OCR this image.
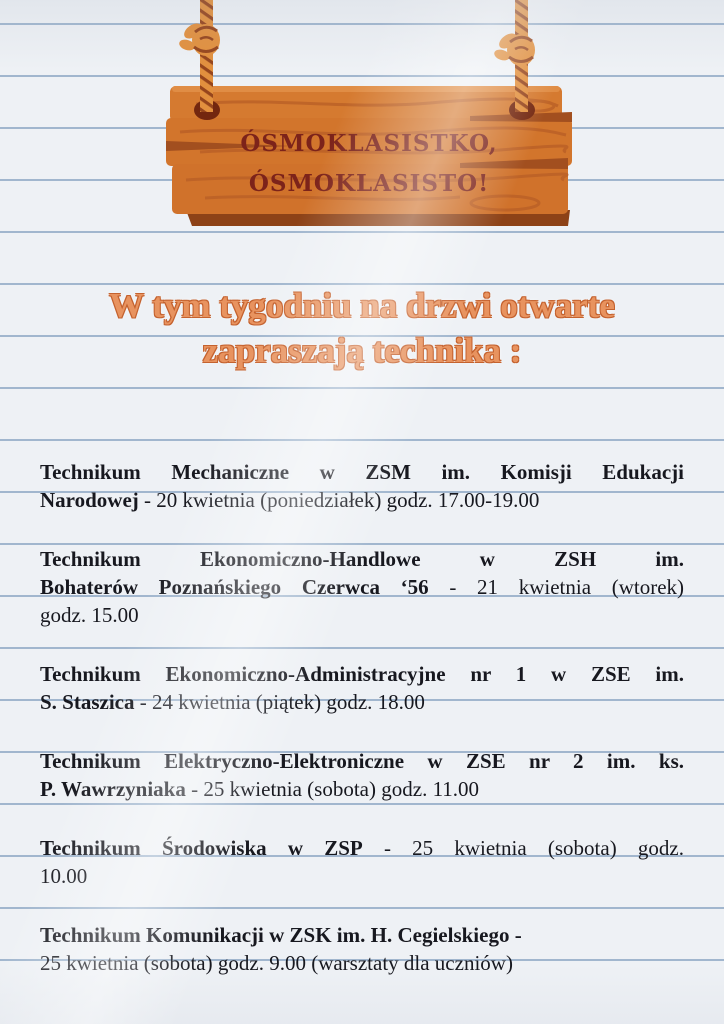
ÓSMOKLASISTKO,
ÓSMOKLASISTO!
W tym tygodniu na drzwi otwarte
zapraszają technika :
Technikum Mechaniczne w ZSM im. Komisji Edukacji
Narodowej - 20 kwietnia (poniedziałek) godz. 17.00-19.00
Technikum Ekonomiczno-Handlowe w ZSH im.
Bohaterów Poznańskiego Czerwca ‘56 - 21 kwietnia (wtorek)
godz. 15.00
Technikum Ekonomiczno-Administracyjne nr 1 w ZSE im.
S. Staszica - 24 kwietnia (piątek) godz. 18.00
Technikum Elektryczno-Elektroniczne w ZSE nr 2 im. ks.
P. Wawrzyniaka - 25 kwietnia (sobota) godz. 11.00
Technikum Środowiska w ZSP - 25 kwietnia (sobota) godz.
10.00
Technikum Komunikacji w ZSK im. H. Cegielskiego -
25 kwietnia (sobota) godz. 9.00 (warsztaty dla uczniów)
